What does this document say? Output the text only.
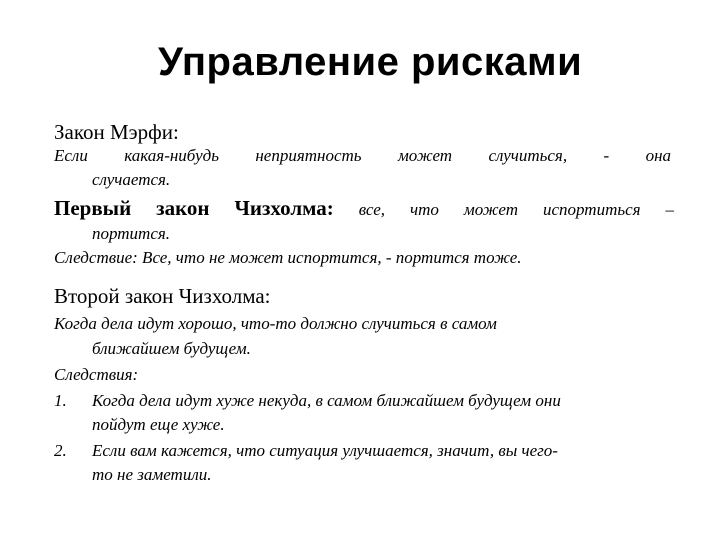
Управление рисками
Закон Мэрфи:
Если какая-нибудь неприятность может случиться, - она
случается.
Первый закон Чизхолма: все, что может испортиться –
портится.
Следствие: Все, что не может испортится, - портится тоже.
Второй закон Чизхолма:
Когда дела идут хорошо, что-то должно случиться в самом
ближайшем будущем.
Следствия:
1. Когда дела идут хуже некуда, в самом ближайшем будущем они
пойдут еще хуже.
2. Если вам кажется, что ситуация улучшается, значит, вы чего-
то не заметили.
